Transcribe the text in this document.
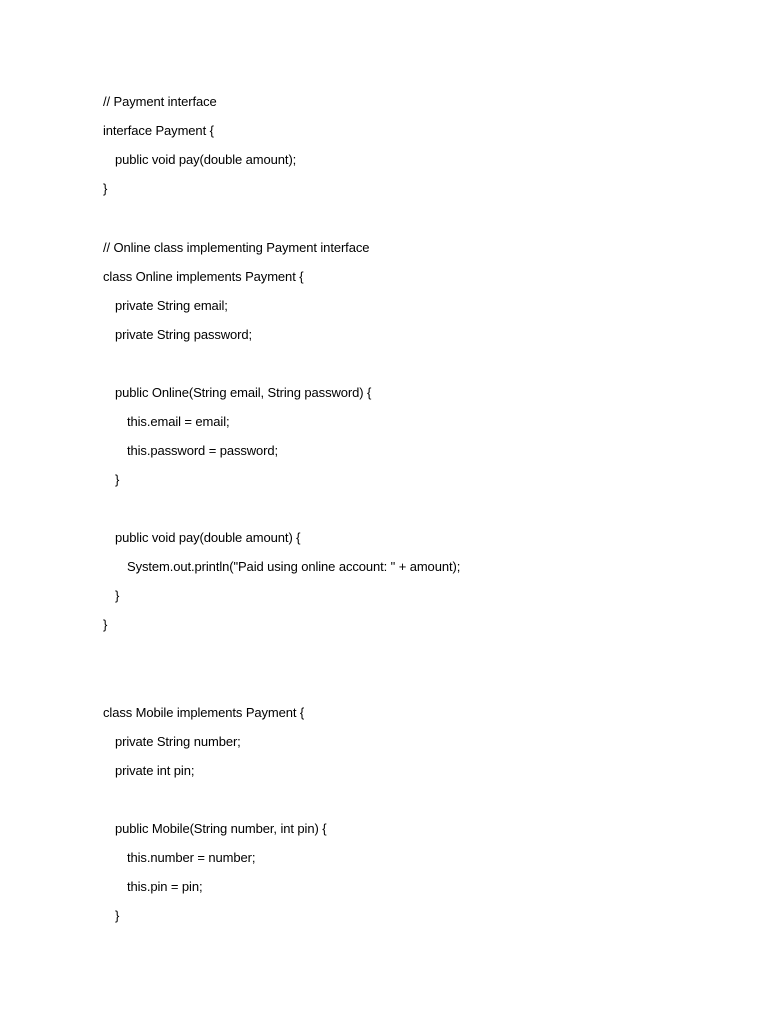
// Payment interface
interface Payment {
public void pay(double amount);
}
// Online class implementing Payment interface
class Online implements Payment {
private String email;
private String password;
public Online(String email, String password) {
this.email = email;
this.password = password;
}
public void pay(double amount) {
System.out.println("Paid using online account: " + amount);
}
}
class Mobile implements Payment {
private String number;
private int pin;
public Mobile(String number, int pin) {
this.number = number;
this.pin = pin;
}
